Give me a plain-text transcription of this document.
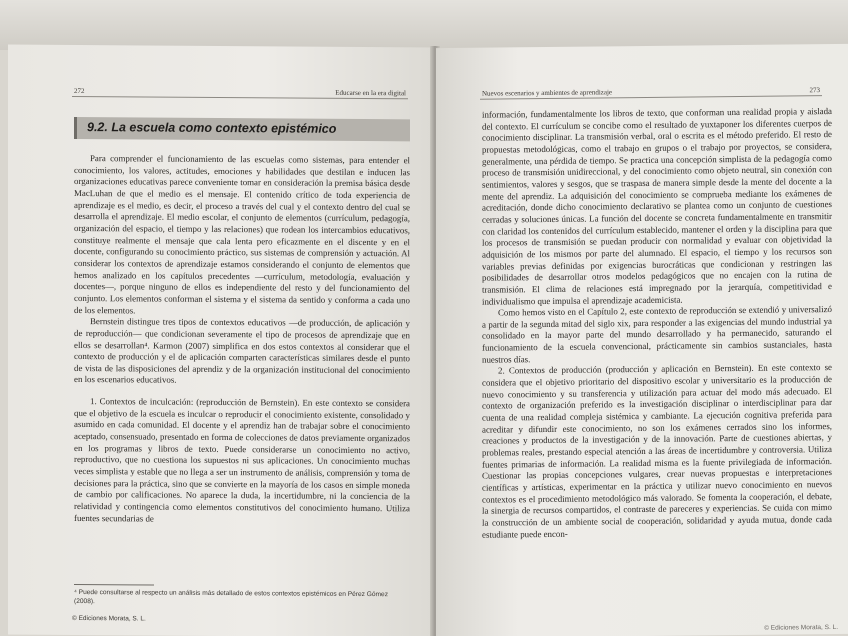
272	Educarse en la era digital
9.2. La escuela como contexto epistémico

Para comprender el funcionamiento de las escuelas como sistemas, para entender el conocimiento, los valores, actitudes, emociones y habilidades que destilan e inducen las organizaciones educativas parece conveniente tomar en consideración la premisa básica desde MacLuhan de que el medio es el mensaje. El contenido crítico de toda experiencia de aprendizaje es el medio, es decir, el proceso a través del cual y el contexto dentro del cual se desarrolla el aprendizaje. El medio escolar, el conjunto de elementos (currículum, pedagogía, organización del espacio, el tiempo y las relaciones) que rodean los intercambios educativos, constituye realmente el mensaje que cala lenta pero eficazmente en el discente y en el docente, configurando su conocimiento práctico, sus sistemas de comprensión y actuación. Al considerar los contextos de aprendizaje estamos considerando el conjunto de elementos que hemos analizado en los capítulos precedentes —currículum, metodología, evaluación y docentes—, porque ninguno de ellos es independiente del resto y del funcionamiento del conjunto. Los elementos conforman el sistema y el sistema da sentido y conforma a cada uno de los elementos.

Bernstein distingue tres tipos de contextos educativos —de producción, de aplicación y de reproducción— que condicionan severamente el tipo de procesos de aprendizaje que en ellos se desarrollan⁴. Karmon (2007) simplifica en dos estos contextos al considerar que el contexto de producción y el de aplicación comparten características similares desde el punto de vista de las disposiciones del aprendiz y de la organización institucional del conocimiento en los escenarios educativos.

1. Contextos de inculcación: (reproducción de Bernstein). En este contexto se considera que el objetivo de la escuela es inculcar o reproducir el conocimiento existente, consolidado y asumido en cada comunidad. El docente y el aprendiz han de trabajar sobre el conocimiento aceptado, consensuado, presentado en forma de colecciones de datos previamente organizados en los programas y libros de texto. Puede considerarse un conocimiento no activo, reproductivo, que no cuestiona los supuestos ni sus aplicaciones. Un conocimiento muchas veces simplista y estable que no llega a ser un instrumento de análisis, comprensión y toma de decisiones para la práctica, sino que se convierte en la mayoría de los casos en simple moneda de cambio por calificaciones. No aparece la duda, la incertidumbre, ni la conciencia de la relatividad y contingencia como elementos constitutivos del conocimiento humano. Utiliza fuentes secundarias de

⁴ Puede consultarse al respecto un análisis más detallado de estos contextos epistémicos en Pérez Gómez (2008).
© Ediciones Morata, S. L.
Nuevos escenarios y ambientes de aprendizaje	273

información, fundamentalmente los libros de texto, que conforman una realidad propia y aislada del contexto. El currículum se concibe como el resultado de yuxtaponer los diferentes cuerpos de conocimiento disciplinar. La transmisión verbal, oral o escrita es el método preferido. El resto de propuestas metodológicas, como el trabajo en grupos o el trabajo por proyectos, se considera, generalmente, una pérdida de tiempo. Se practica una concepción simplista de la pedagogía como proceso de transmisión unidireccional, y del conocimiento como objeto neutral, sin conexión con sentimientos, valores y sesgos, que se traspasa de manera simple desde la mente del docente a la mente del aprendiz. La adquisición del conocimiento se comprueba mediante los exámenes de acreditación, donde dicho conocimiento declarativo se plantea como un conjunto de cuestiones cerradas y soluciones únicas. La función del docente se concreta fundamentalmente en transmitir con claridad los contenidos del currículum establecido, mantener el orden y la disciplina para que los procesos de transmisión se puedan producir con normalidad y evaluar con objetividad la adquisición de los mismos por parte del alumnado. El espacio, el tiempo y los recursos son variables previas definidas por exigencias burocráticas que condicionan y restringen las posibilidades de desarrollar otros modelos pedagógicos que no encajen con la rutina de transmisión. El clima de relaciones está impregnado por la jerarquía, competitividad e individualismo que impulsa el aprendizaje academicista.

Como hemos visto en el Capítulo 2, este contexto de reproducción se extendió y universalizó a partir de la segunda mitad del siglo xix, para responder a las exigencias del mundo industrial ya consolidado en la mayor parte del mundo desarrollado y ha permanecido, saturando el funcionamiento de la escuela convencional, prácticamente sin cambios sustanciales, hasta nuestros días.

2. Contextos de producción (producción y aplicación en Bernstein). En este contexto se considera que el objetivo prioritario del dispositivo escolar y universitario es la producción de nuevo conocimiento y su transferencia y utilización para actuar del modo más adecuado. El contexto de organización preferido es la investigación disciplinar o interdisciplinar para dar cuenta de una realidad compleja sistémica y cambiante. La ejecución cognitiva preferida para acreditar y difundir este conocimiento, no son los exámenes cerrados sino los informes, creaciones y productos de la investigación y de la innovación. Parte de cuestiones abiertas, y problemas reales, prestando especial atención a las áreas de incertidumbre y controversia. Utiliza fuentes primarias de información. La realidad misma es la fuente privilegiada de información. Cuestionar las propias concepciones vulgares, crear nuevas propuestas e interpretaciones científicas y artísticas, experimentar en la práctica y utilizar nuevo conocimiento en nuevos contextos es el procedimiento metodológico más valorado. Se fomenta la cooperación, el debate, la sinergia de recursos compartidos, el contraste de pareceres y experiencias. Se cuida con mimo la construcción de un ambiente social de cooperación, solidaridad y ayuda mutua, donde cada estudiante puede encon-

© Ediciones Morata, S. L.
